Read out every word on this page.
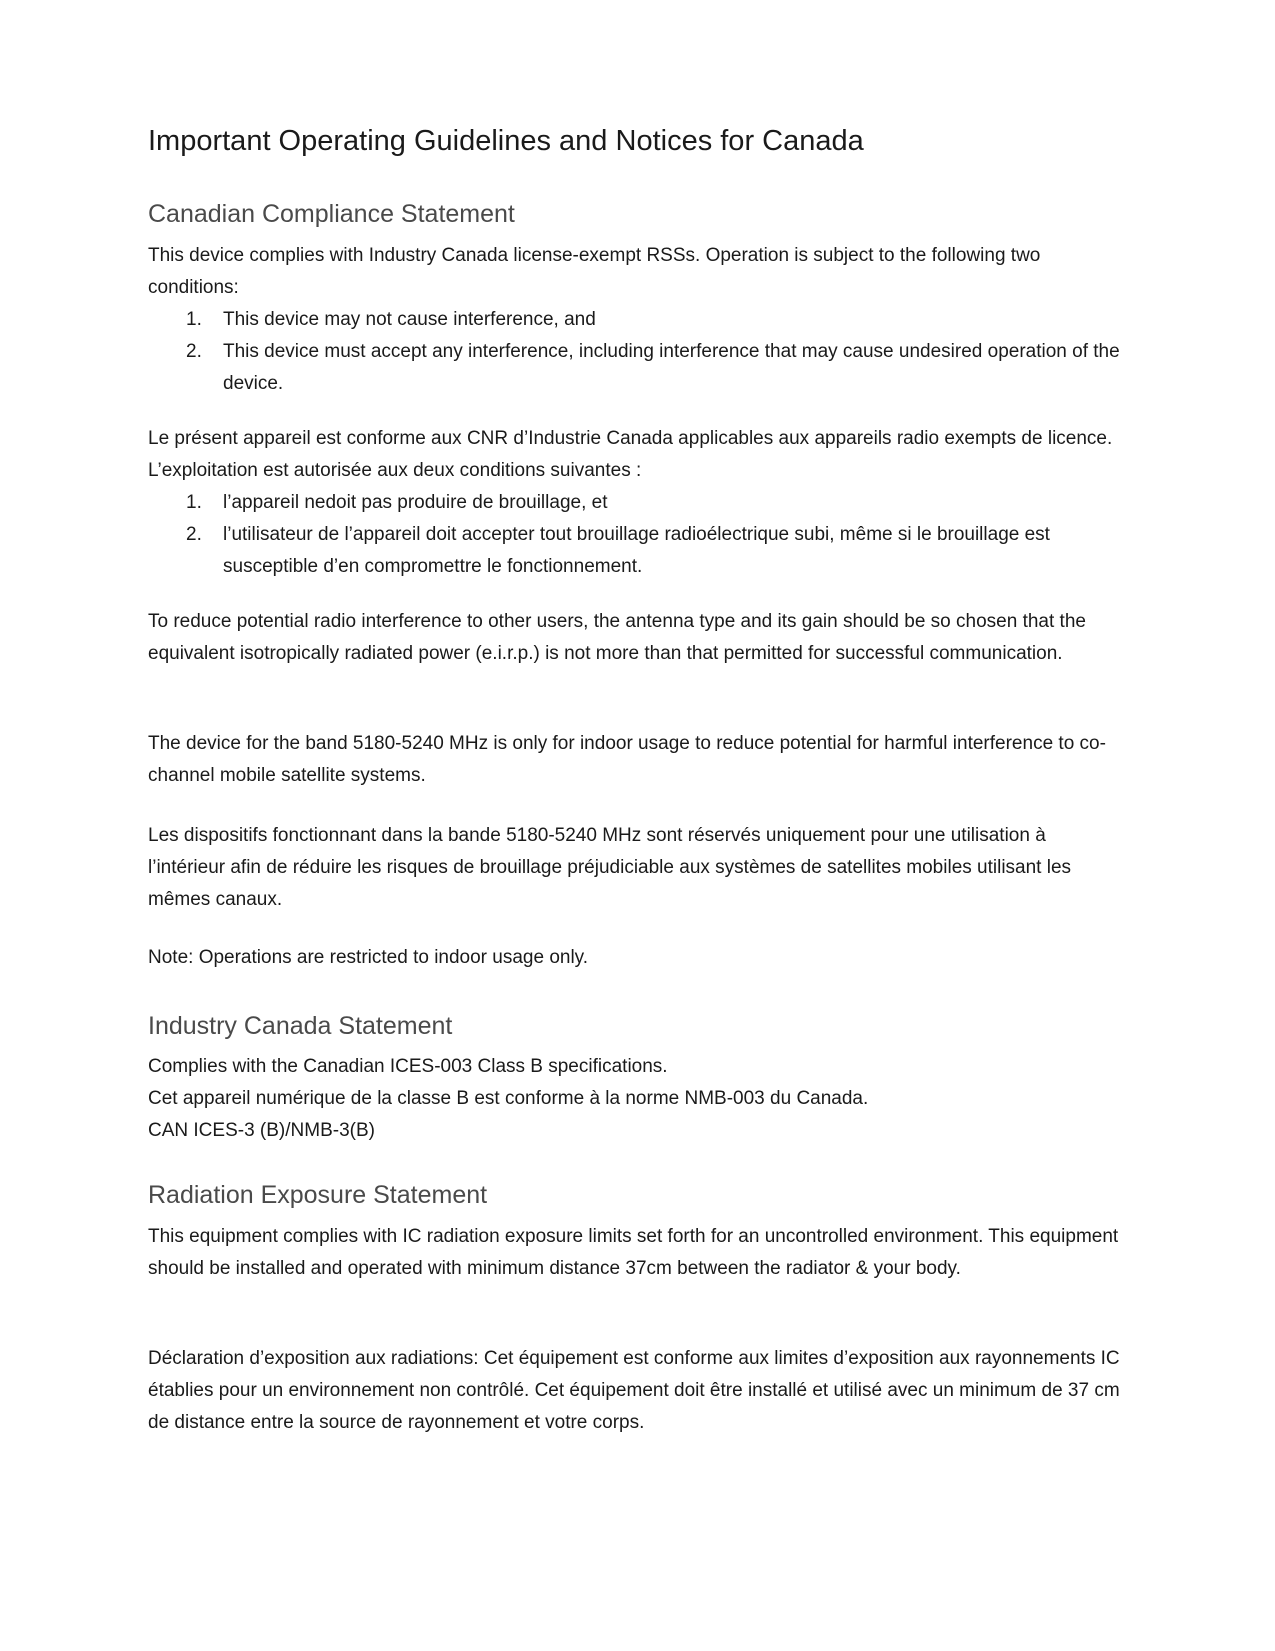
Important Operating Guidelines and Notices for Canada
Canadian Compliance Statement

This device complies with Industry Canada license-exempt RSSs. Operation is subject to the following two conditions:

1. This device may not cause interference, and
2. This device must accept any interference, including interference that may cause undesired operation of the device.

Le présent appareil est conforme aux CNR d’Industrie Canada applicables aux appareils radio exempts de licence. L’exploitation est autorisée aux deux conditions suivantes :

1. l’appareil nedoit pas produire de brouillage, et
2. l’utilisateur de l’appareil doit accepter tout brouillage radioélectrique subi, même si le brouillage est susceptible d’en compromettre le fonctionnement.

To reduce potential radio interference to other users, the antenna type and its gain should be so chosen that the equivalent isotropically radiated power (e.i.r.p.) is not more than that permitted for successful communication.

The device for the band 5180-5240 MHz is only for indoor usage to reduce potential for harmful interference to co-channel mobile satellite systems.

Les dispositifs fonctionnant dans la bande 5180-5240 MHz sont réservés uniquement pour une utilisation à l’intérieur afin de réduire les risques de brouillage préjudiciable aux systèmes de satellites mobiles utilisant les mêmes canaux.

Note: Operations are restricted to indoor usage only.

Industry Canada Statement

Complies with the Canadian ICES-003 Class B specifications.

Cet appareil numérique de la classe B est conforme à la norme NMB-003 du Canada.

CAN ICES-3 (B)/NMB-3(B)

Radiation Exposure Statement

This equipment complies with IC radiation exposure limits set forth for an uncontrolled environment. This equipment should be installed and operated with minimum distance 37cm between the radiator & your body.

Déclaration d’exposition aux radiations: Cet équipement est conforme aux limites d’exposition aux rayonnements IC établies pour un environnement non contrôlé. Cet équipement doit être installé et utilisé avec un minimum de 37 cm de distance entre la source de rayonnement et votre corps.
